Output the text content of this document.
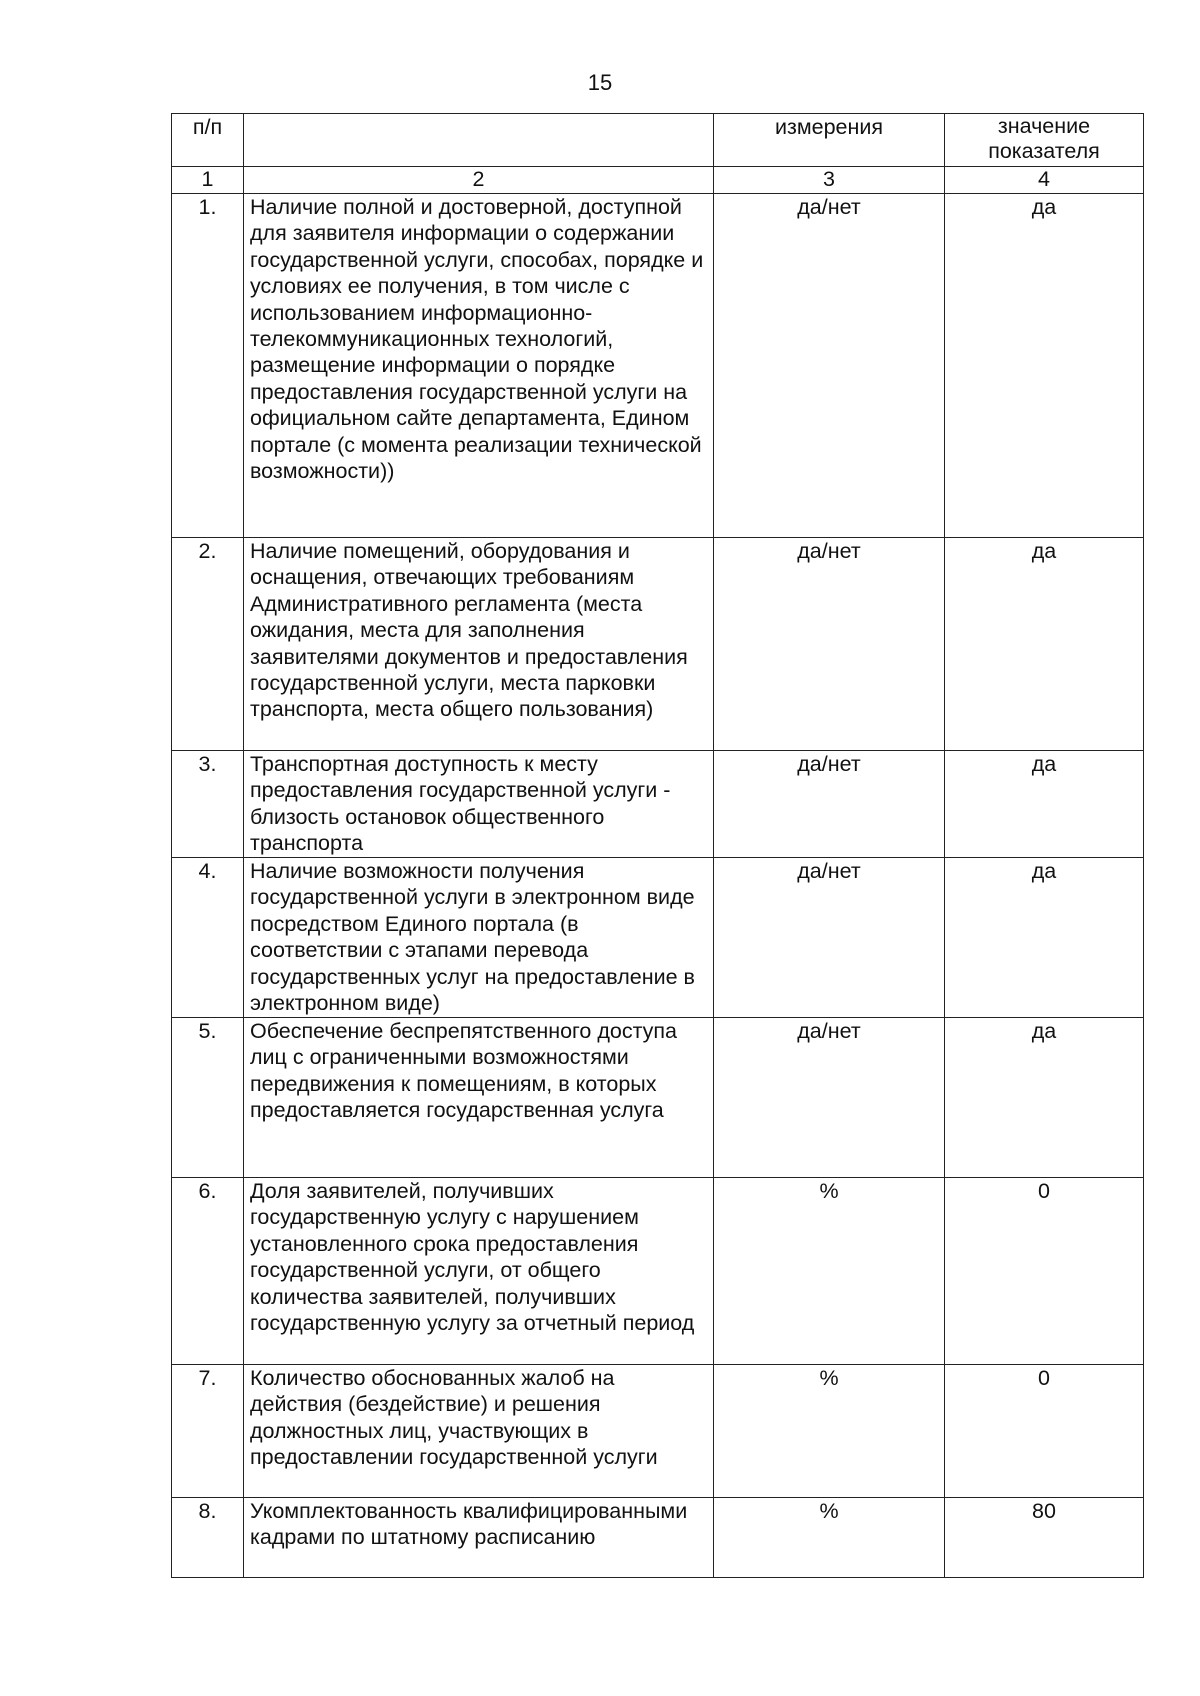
15
п/п		измерения	значение
показателя
1	2	3	4
1.	Наличие полной и достоверной, доступной для заявителя информации о содержании государственной услуги, способах, порядке и условиях ее получения, в том числе с использованием информационно-телекоммуникационных технологий, размещение информации о порядке предоставления государственной услуги на официальном сайте департамента, Едином портале (с момента реализации технической возможности))	да/нет	да
2.	Наличие помещений, оборудования и оснащения, отвечающих требованиям Административного регламента (места ожидания, места для заполнения заявителями документов и предоставления государственной услуги, места парковки транспорта, места общего пользования)	да/нет	да
3.	Транспортная доступность к месту предоставления государственной услуги - близость остановок общественного транспорта	да/нет	да
4.	Наличие возможности получения государственной услуги в электронном виде посредством Единого портала (в соответствии с этапами перевода государственных услуг на предоставление в электронном виде)	да/нет	да
5.	Обеспечение беспрепятственного доступа лиц с ограниченными возможностями передвижения к помещениям, в которых предоставляется государственная услуга	да/нет	да
6.	Доля заявителей, получивших государственную услугу с нарушением установленного срока предоставления государственной услуги, от общего количества заявителей, получивших государственную услугу за отчетный период	%	0
7.	Количество обоснованных жалоб на действия (бездействие) и решения должностных лиц, участвующих в предоставлении государственной услуги	%	0
8.	Укомплектованность квалифицированными кадрами по штатному расписанию	%	80
